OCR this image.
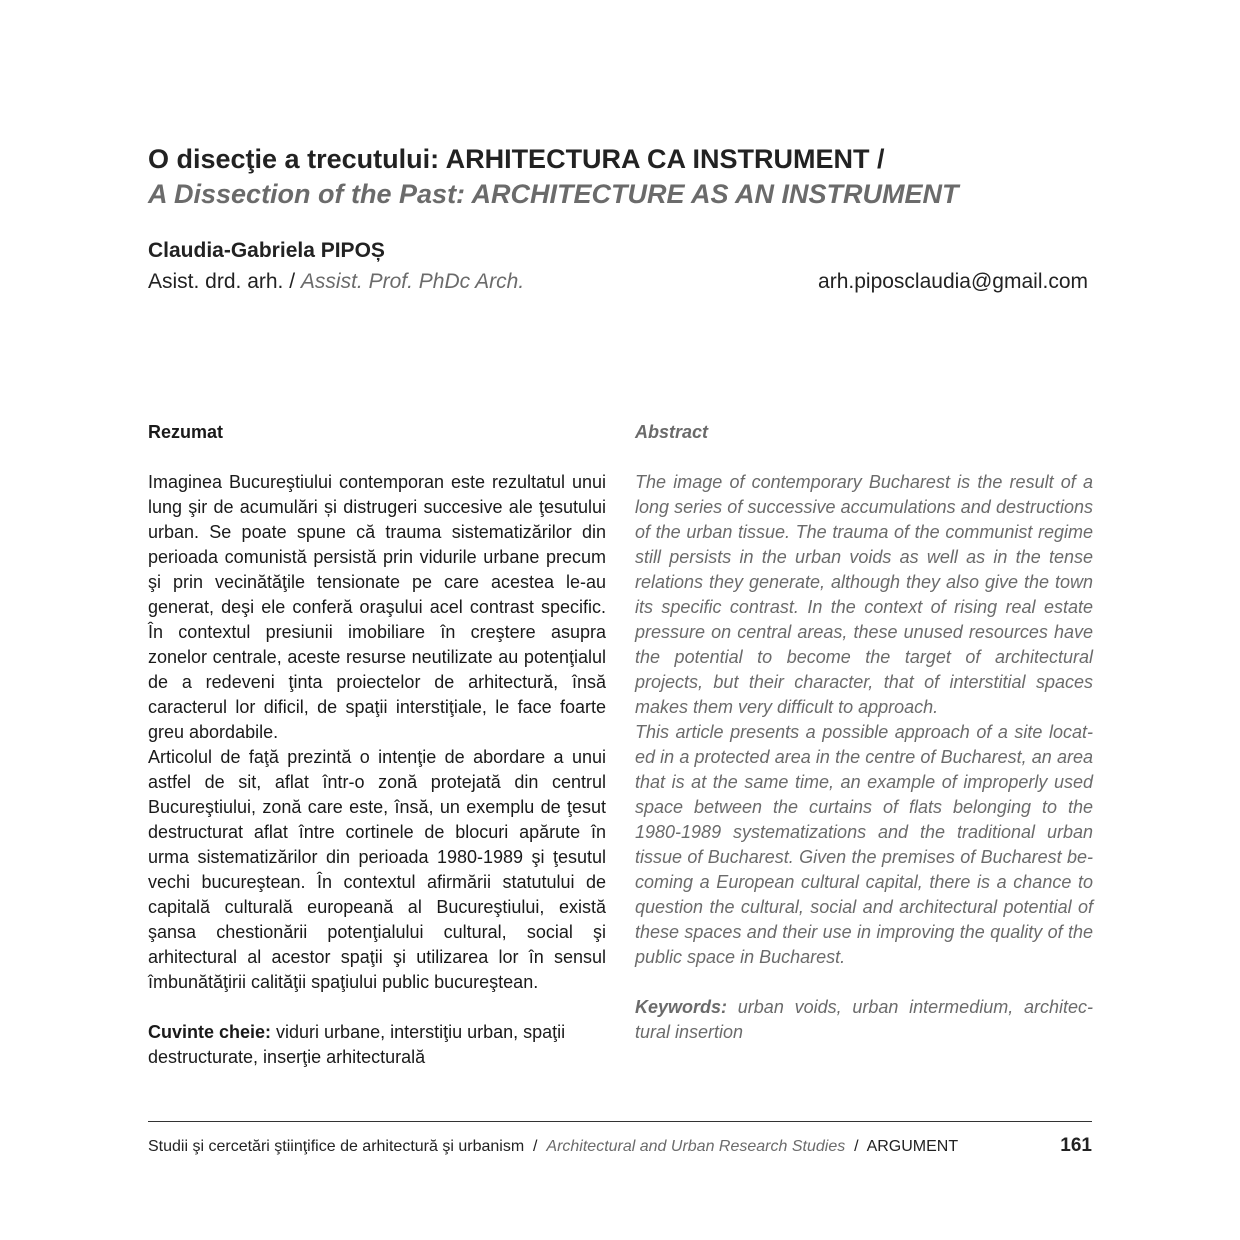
O disecţie a trecutului: ARHITECTURA CA INSTRUMENT /
A Dissection of the Past: ARCHITECTURE AS AN INSTRUMENT
Claudia-Gabriela PIPOȘ
Asist. drd. arh. / Assist. Prof. PhDc Arch.	arh.piposclaudia@gmail.com
Rezumat

Imaginea Bucureştiului contemporan este rezultatul unui lung şir de acumulări și distrugeri succesive ale ţesutului urban. Se poate spune că trauma sistematizărilor din perioada comunistă persistă prin vidurile urbane precum şi prin vecinătăţile tensionate pe care acestea le-au generat, deşi ele conferă oraşului acel contrast specific. În contextul presiunii imobiliare în creştere asupra zonelor centrale, aceste resurse neutilizate au potenţialul de a redeveni ţinta proiectelor de arhitectură, însă caracterul lor dificil, de spaţii interstiţiale, le face foarte greu abordabile.

Articolul de faţă prezintă o intenţie de abordare a unui astfel de sit, aflat într-o zonă protejată din centrul Bucureştiului, zonă care este, însă, un exemplu de ţesut destructurat aflat între cortinele de blocuri apărute în urma sistematizărilor din perioada 1980-1989 şi ţesutul vechi bucureştean. În contextul afirmării statutului de capitală culturală europeană al Bucureştiului, există şansa chestionării potenţialului cultural, social şi arhitectural al acestor spaţii şi utilizarea lor în sensul îmbunătăţirii calităţii spaţiului public bucureştean.

Cuvinte cheie: viduri urbane, interstiţiu urban, spaţii destructurate, inserţie arhitecturală
Abstract

The image of contemporary Bucharest is the result of a long series of successive accumulations and destructions of the urban tissue. The trauma of the communist regime still persists in the urban voids as well as in the tense relations they generate, although they also give the town its specific contrast. In the context of rising real estate pressure on central areas, these unused resources have the potential to become the target of architectural projects, but their character, that of interstitial spaces makes them very difficult to approach.

This article presents a possible approach of a site located in a protected area in the centre of Bucharest, an area that is at the same time, an example of improperly used space between the curtains of flats belonging to the 1980-1989 systematizations and the traditional urban tissue of Bucharest. Given the premises of Bucharest becoming a European cultural capital, there is a chance to question the cultural, social and architectural potential of these spaces and their use in improving the quality of the public space in Bucharest.

Keywords: urban voids, urban intermedium, architectural insertion
Studii şi cercetări ştiinţifice de arhitectură şi urbanism  /  Architectural and Urban Research Studies  /  ARGUMENT	161
